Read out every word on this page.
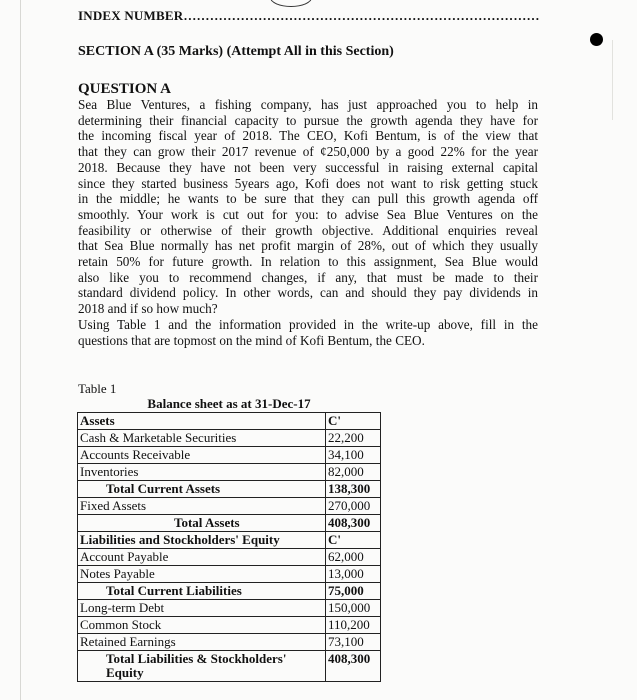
INDEX NUMBER………………………………………………………………………
SECTION A (35 Marks) (Attempt All in this Section)
QUESTION A
Sea Blue Ventures, a fishing company, has just approached you to help in
determining their financial capacity to pursue the growth agenda they have for
the incoming fiscal year of 2018. The CEO, Kofi Bentum, is of the view that
that they can grow their 2017 revenue of ¢250,000 by a good 22% for the year
2018. Because they have not been very successful in raising external capital
since they started business 5years ago, Kofi does not want to risk getting stuck
in the middle; he wants to be sure that they can pull this growth agenda off
smoothly. Your work is cut out for you: to advise Sea Blue Ventures on the
feasibility or otherwise of their growth objective. Additional enquiries reveal
that Sea Blue normally has net profit margin of 28%, out of which they usually
retain 50% for future growth. In relation to this assignment, Sea Blue would
also like you to recommend changes, if any, that must be made to their
standard dividend policy. In other words, can and should they pay dividends in
2018 and if so how much?
Using Table 1 and the information provided in the write-up above, fill in the
questions that are topmost on the mind of Kofi Bentum, the CEO.
Table 1
Balance sheet as at 31-Dec-17	
Assets	C'
Cash & Marketable Securities	22,200
Accounts Receivable	34,100
Inventories	82,000
Total Current Assets	138,300
Fixed Assets	270,000
Total Assets	408,300
Liabilities and Stockholders' Equity	C'
Account Payable	62,000
Notes Payable	13,000
Total Current Liabilities	75,000
Long-term Debt	150,000
Common Stock	110,200
Retained Earnings	73,100
Total Liabilities & Stockholders' Equity	408,300
